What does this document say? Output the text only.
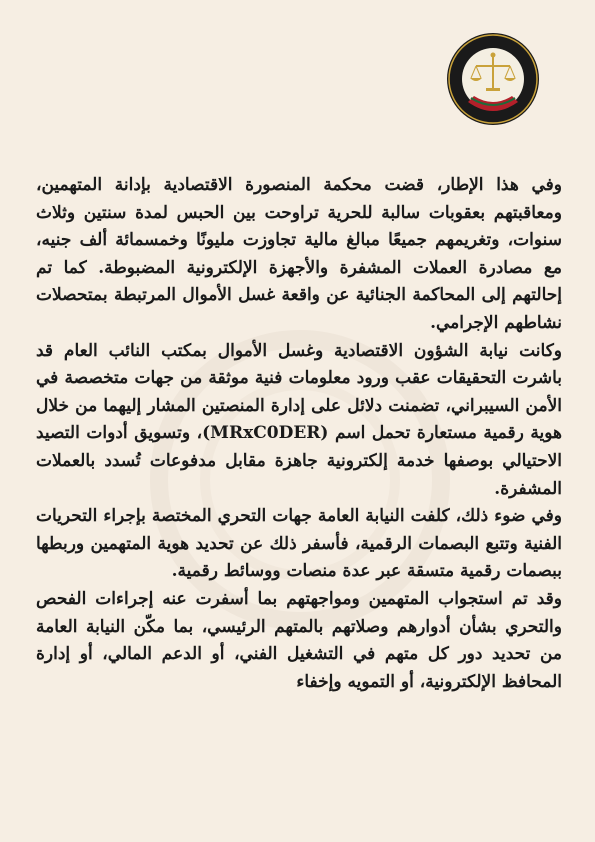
وفي هذا الإطار، قضت محكمة المنصورة الاقتصادية بإدانة المتهمين، ومعاقبتهم بعقوبات سالبة للحرية تراوحت بين الحبس لمدة سنتين وثلاث سنوات، وتغريمهم جميعًا مبالغ مالية تجاوزت مليونًا وخمسمائة ألف جنيه، مع مصادرة العملات المشفرة والأجهزة الإلكترونية المضبوطة. كما تم إحالتهم إلى المحاكمة الجنائية عن واقعة غسل الأموال المرتبطة بمتحصلات نشاطهم الإجرامي.

وكانت نيابة الشؤون الاقتصادية وغسل الأموال بمكتب النائب العام قد باشرت التحقيقات عقب ورود معلومات فنية موثقة من جهات متخصصة في الأمن السيبراني، تضمنت دلائل على إدارة المنصتين المشار إليهما من خلال هوية رقمية مستعارة تحمل اسم (MRxC0DER)، وتسويق أدوات التصيد الاحتيالي بوصفها خدمة إلكترونية جاهزة مقابل مدفوعات تُسدد بالعملات المشفرة.

وفي ضوء ذلك، كلفت النيابة العامة جهات التحري المختصة بإجراء التحريات الفنية وتتبع البصمات الرقمية، فأسفر ذلك عن تحديد هوية المتهمين وربطها ببصمات رقمية متسقة عبر عدة منصات ووسائط رقمية.

وقد تم استجواب المتهمين ومواجهتهم بما أسفرت عنه إجراءات الفحص والتحري بشأن أدوارهم وصلاتهم بالمتهم الرئيسي، بما مكّن النيابة العامة من تحديد دور كل متهم في التشغيل الفني، أو الدعم المالي، أو إدارة المحافظ الإلكترونية، أو التمويه وإخفاء
